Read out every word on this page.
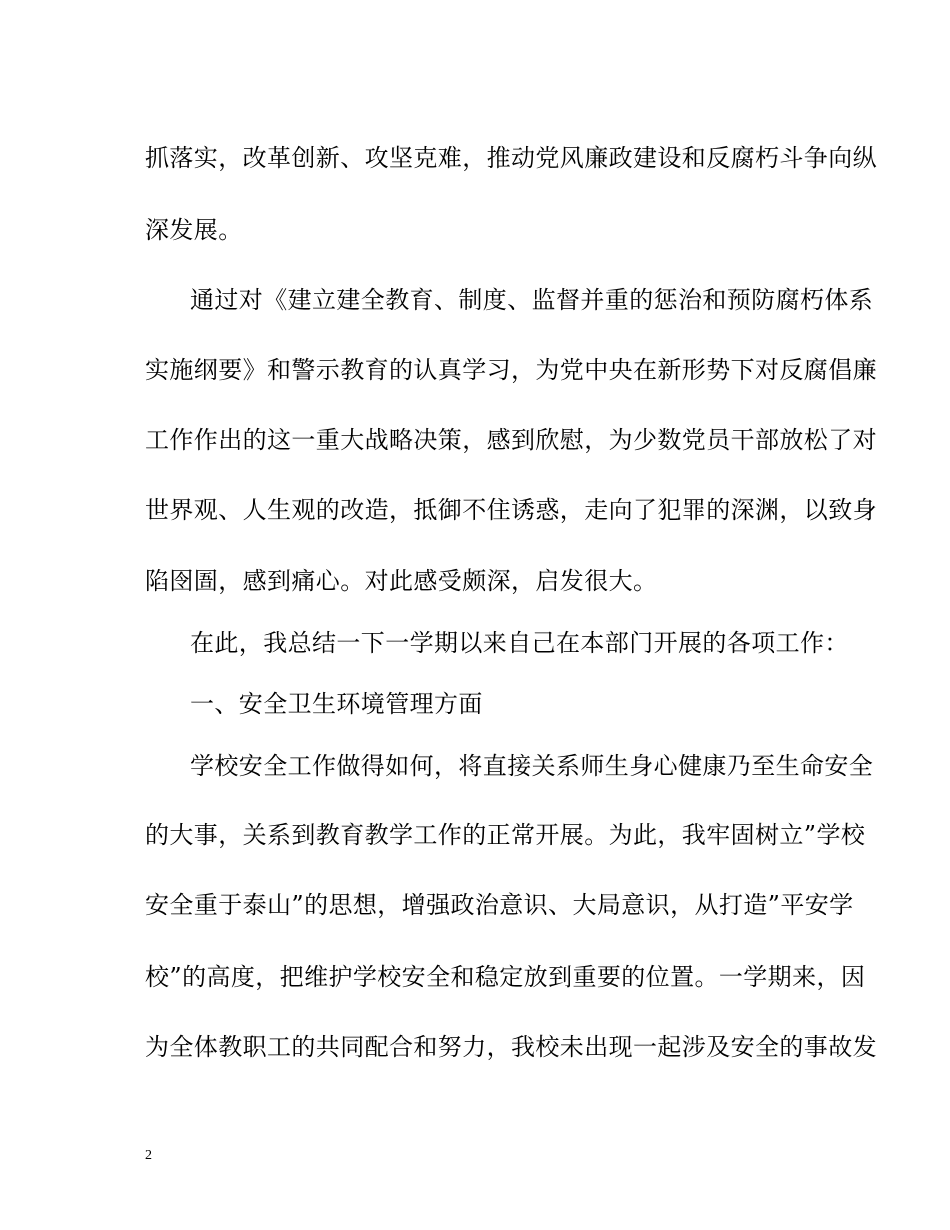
抓落实，改革创新、攻坚克难，推动党风廉政建设和反腐朽斗争向纵
深发展。
通过对《建立建全教育、制度、监督并重的惩治和预防腐朽体系
实施纲要》和警示教育的认真学习，为党中央在新形势下对反腐倡廉
工作作出的这一重大战略决策，感到欣慰，为少数党员干部放松了对
世界观、人生观的改造，抵御不住诱惑，走向了犯罪的深渊，以致身
陷囹圄，感到痛心。对此感受颇深，启发很大。
在此，我总结一下一学期以来自己在本部门开展的各项工作：
一、安全卫生环境管理方面
学校安全工作做得如何，将直接关系师生身心健康乃至生命安全
的大事，关系到教育教学工作的正常开展。为此，我牢固树立”学校
安全重于泰山”的思想，增强政治意识、大局意识，从打造”平安学
校”的高度，把维护学校安全和稳定放到重要的位置。一学期来，因
为全体教职工的共同配合和努力，我校未出现一起涉及安全的事故发
2
